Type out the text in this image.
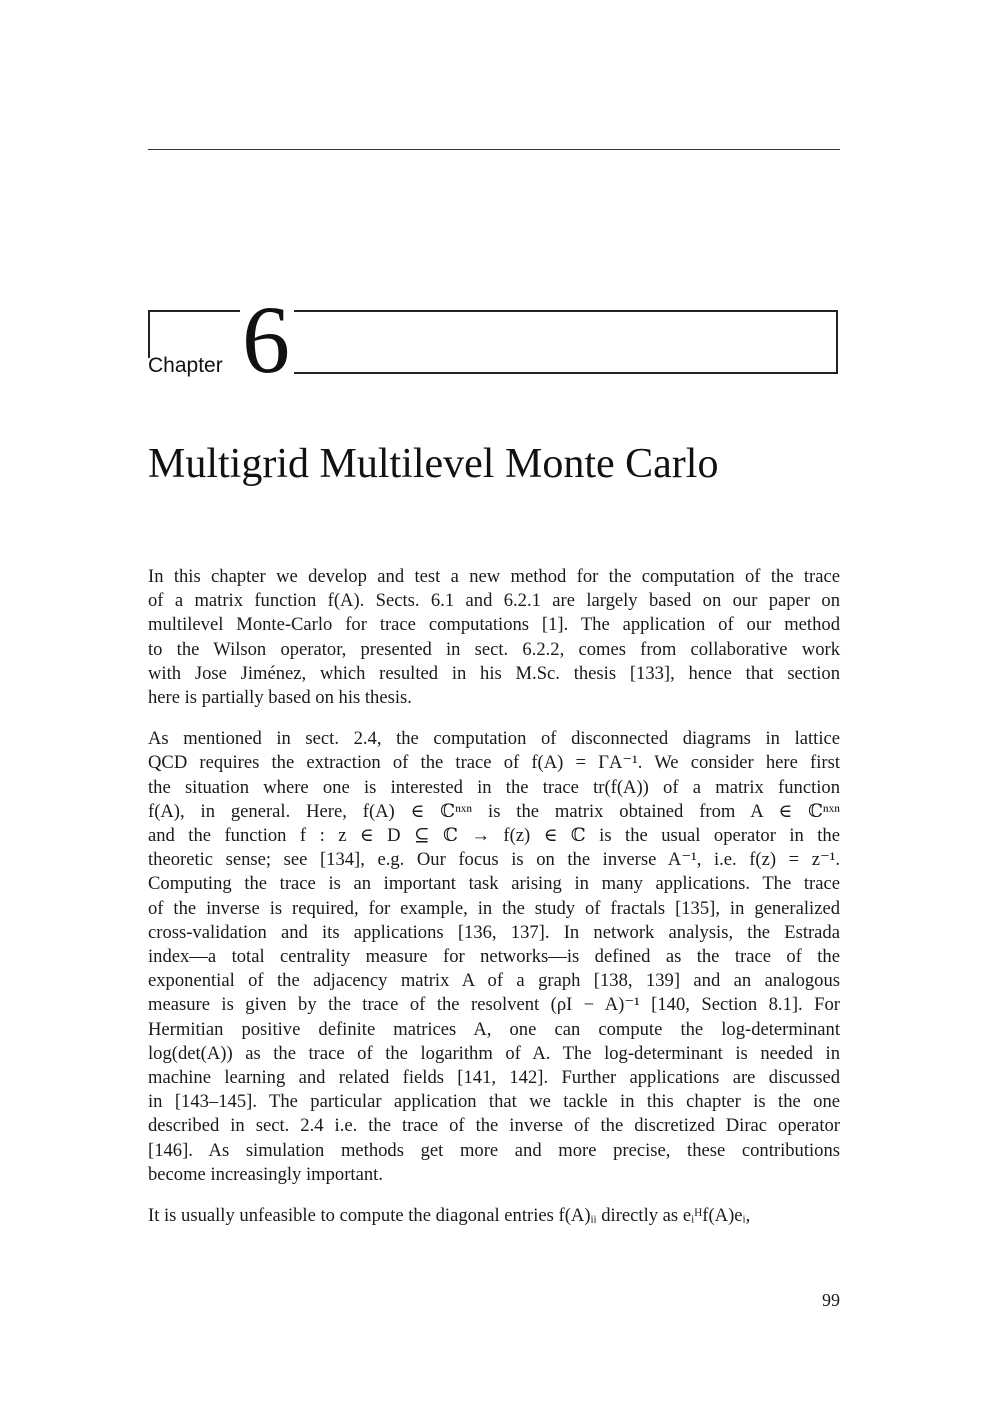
Chapter 6
Multigrid Multilevel Monte Carlo

In this chapter we develop and test a new method for the computation of the trace
of a matrix function f(A). Sects. 6.1 and 6.2.1 are largely based on our paper on
multilevel Monte-Carlo for trace computations [1]. The application of our method
to the Wilson operator, presented in sect. 6.2.2, comes from collaborative work
with Jose Jiménez, which resulted in his M.Sc. thesis [133], hence that section
here is partially based on his thesis.

As mentioned in sect. 2.4, the computation of disconnected diagrams in lattice
QCD requires the extraction of the trace of f(A) = ΓA⁻¹. We consider here first
the situation where one is interested in the trace tr(f(A)) of a matrix function
f(A), in general. Here, f(A) ∈ ℂⁿˣⁿ is the matrix obtained from A ∈ ℂⁿˣⁿ
and the function f : z ∈ D ⊆ ℂ → f(z) ∈ ℂ is the usual operator in the
theoretic sense; see [134], e.g. Our focus is on the inverse A⁻¹, i.e. f(z) = z⁻¹.
Computing the trace is an important task arising in many applications. The trace
of the inverse is required, for example, in the study of fractals [135], in generalized
cross-validation and its applications [136, 137]. In network analysis, the Estrada
index—a total centrality measure for networks—is defined as the trace of the
exponential of the adjacency matrix A of a graph [138, 139] and an analogous
measure is given by the trace of the resolvent (ρI − A)⁻¹ [140, Section 8.1]. For
Hermitian positive definite matrices A, one can compute the log-determinant
log(det(A)) as the trace of the logarithm of A. The log-determinant is needed in
machine learning and related fields [141, 142]. Further applications are discussed
in [143–145]. The particular application that we tackle in this chapter is the one
described in sect. 2.4 i.e. the trace of the inverse of the discretized Dirac operator
[146]. As simulation methods get more and more precise, these contributions
become increasingly important.

It is usually unfeasible to compute the diagonal entries f(A)ᵢᵢ directly as eᵢᴴf(A)eᵢ,

99
